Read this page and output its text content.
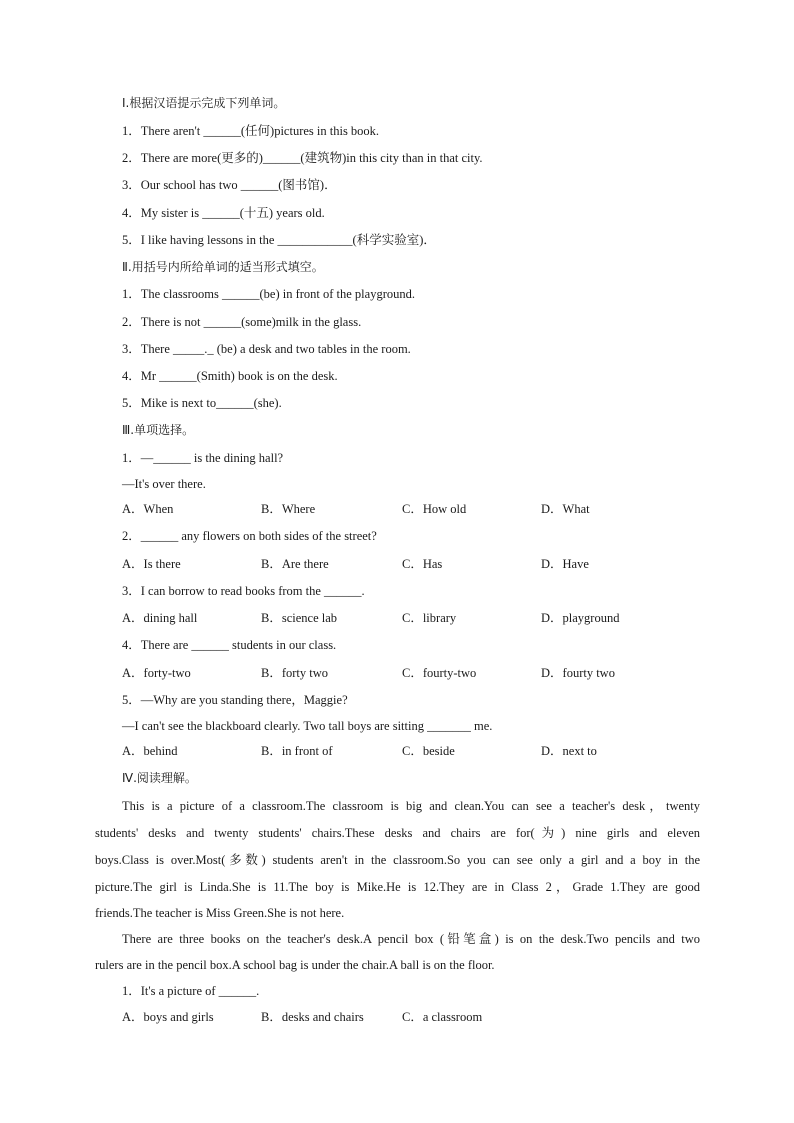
Ⅰ.根据汉语提示完成下列单词。
1．There aren't ______(任何)pictures in this book.
2．There are more(更多的)______(建筑物)in this city than in that city.
3．Our school has two ______(图书馆)．
4．My sister is ______(十五) years old.
5．I like having lessons in the ____________(科学实验室)．
Ⅱ.用括号内所给单词的适当形式填空。
1．The classrooms ______(be) in front of the playground.
2．There is not ______(some)milk in the glass.
3．There _____._ (be) a desk and two tables in the room.
4．Mr ______(Smith) book is on the desk.
5．Mike is next to______(she).
Ⅲ.单项选择。
1．—______ is the dining hall?
—It's over there.
A．When	B．Where	C．How old	D．What
2．______ any flowers on both sides of the street?
A．Is there	B．Are there	C．Has	D．Have
3．I can borrow to read books from the ______.
A．dining hall	B．science lab	C．library	D．playground
4．There are ______ students in our class.
A．forty-two	B．forty two	C．fourty-two	D．fourty two
5．—Why are you standing there，Maggie?
—I can't see the blackboard clearly. Two tall boys are sitting _______ me.
A．behind	B．in front of	C．beside	D．next to
Ⅳ.阅读理解。
This is a picture of a classroom.The classroom is big and clean.You can see a teacher's desk，twenty
students' desks and twenty students' chairs.These desks and chairs are for(为) nine girls and eleven
boys.Class is over.Most(多数) students aren't in the classroom.So you can see only a girl and a boy in the
picture.The girl is Linda.She is 11.The boy is Mike.He is 12.They are in Class 2，Grade 1.They are good
friends.The teacher is Miss Green.She is not here.
There are three books on the teacher's desk.A pencil box (铅笔盒) is on the desk.Two pencils and two
rulers are in the pencil box.A school bag is under the chair.A ball is on the floor.
1．It's a picture of ______.
A．boys and girls	B．desks and chairs	C．a classroom
